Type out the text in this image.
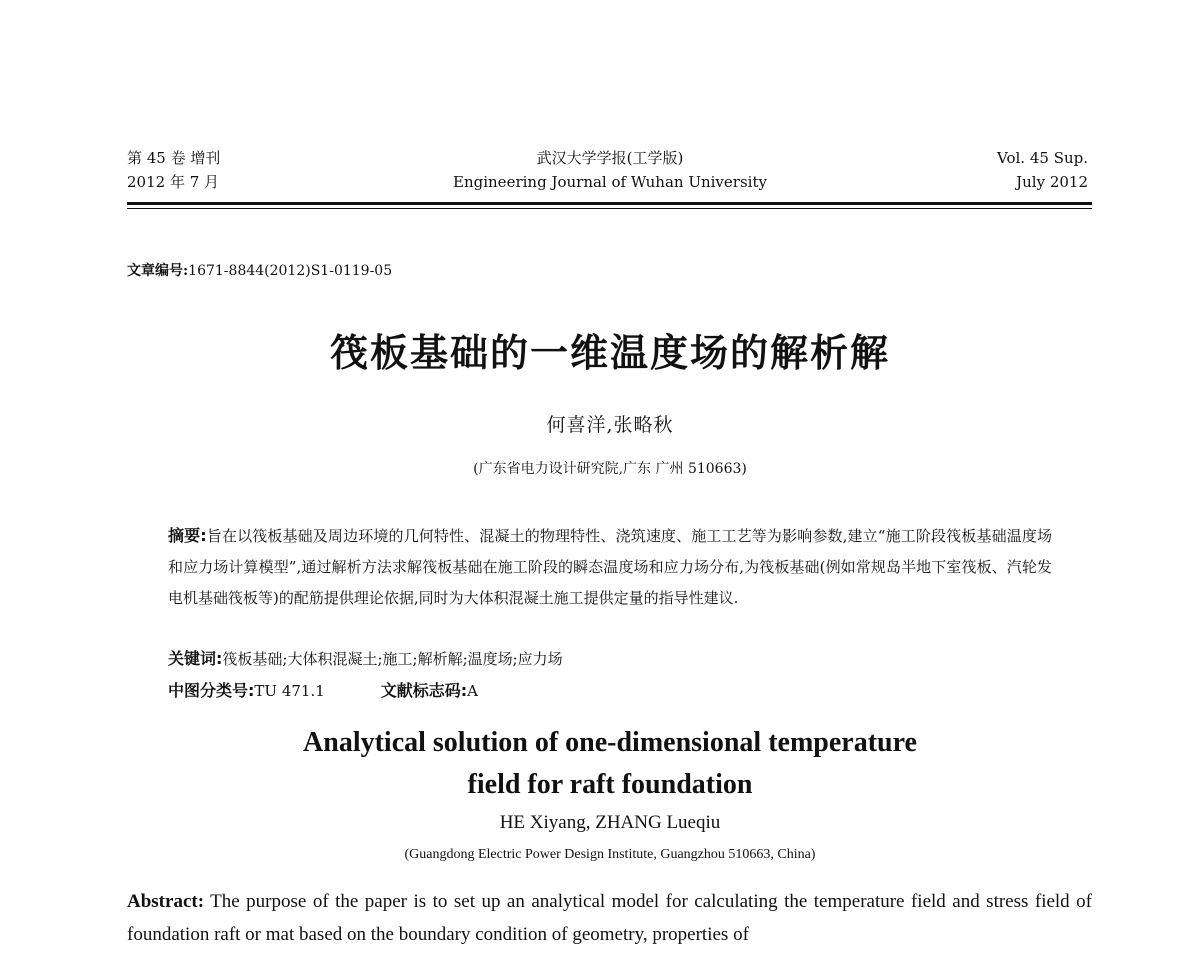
第 45 卷 增刊
2012 年 7 月
武汉大学学报(工学版)
Engineering Journal of Wuhan University
Vol. 45 Sup.
July 2012
文章编号:1671-8844(2012)S1-0119-05
筏板基础的一维温度场的解析解
何喜洋,张略秋
(广东省电力设计研究院,广东 广州 510663)
摘要:旨在以筏板基础及周边环境的几何特性、混凝土的物理特性、浇筑速度、施工工艺等为影响参数,建立“施工阶段筏板基础温度场和应力场计算模型”,通过解析方法求解筏板基础在施工阶段的瞬态温度场和应力场分布,为筏板基础(例如常规岛半地下室筏板、汽轮发电机基础筏板等)的配筋提供理论依据,同时为大体积混凝土施工提供定量的指导性建议.
关键词:筏板基础;大体积混凝土;施工;解析解;温度场;应力场
中图分类号:TU 471.1	文献标志码:A
Analytical solution of one-dimensional temperature
field for raft foundation
HE Xiyang, ZHANG Lueqiu
(Guangdong Electric Power Design Institute, Guangzhou 510663, China)
Abstract: The purpose of the paper is to set up an analytical model for calculating the temperature field and stress field of foundation raft or mat based on the boundary condition of geometry, properties of
